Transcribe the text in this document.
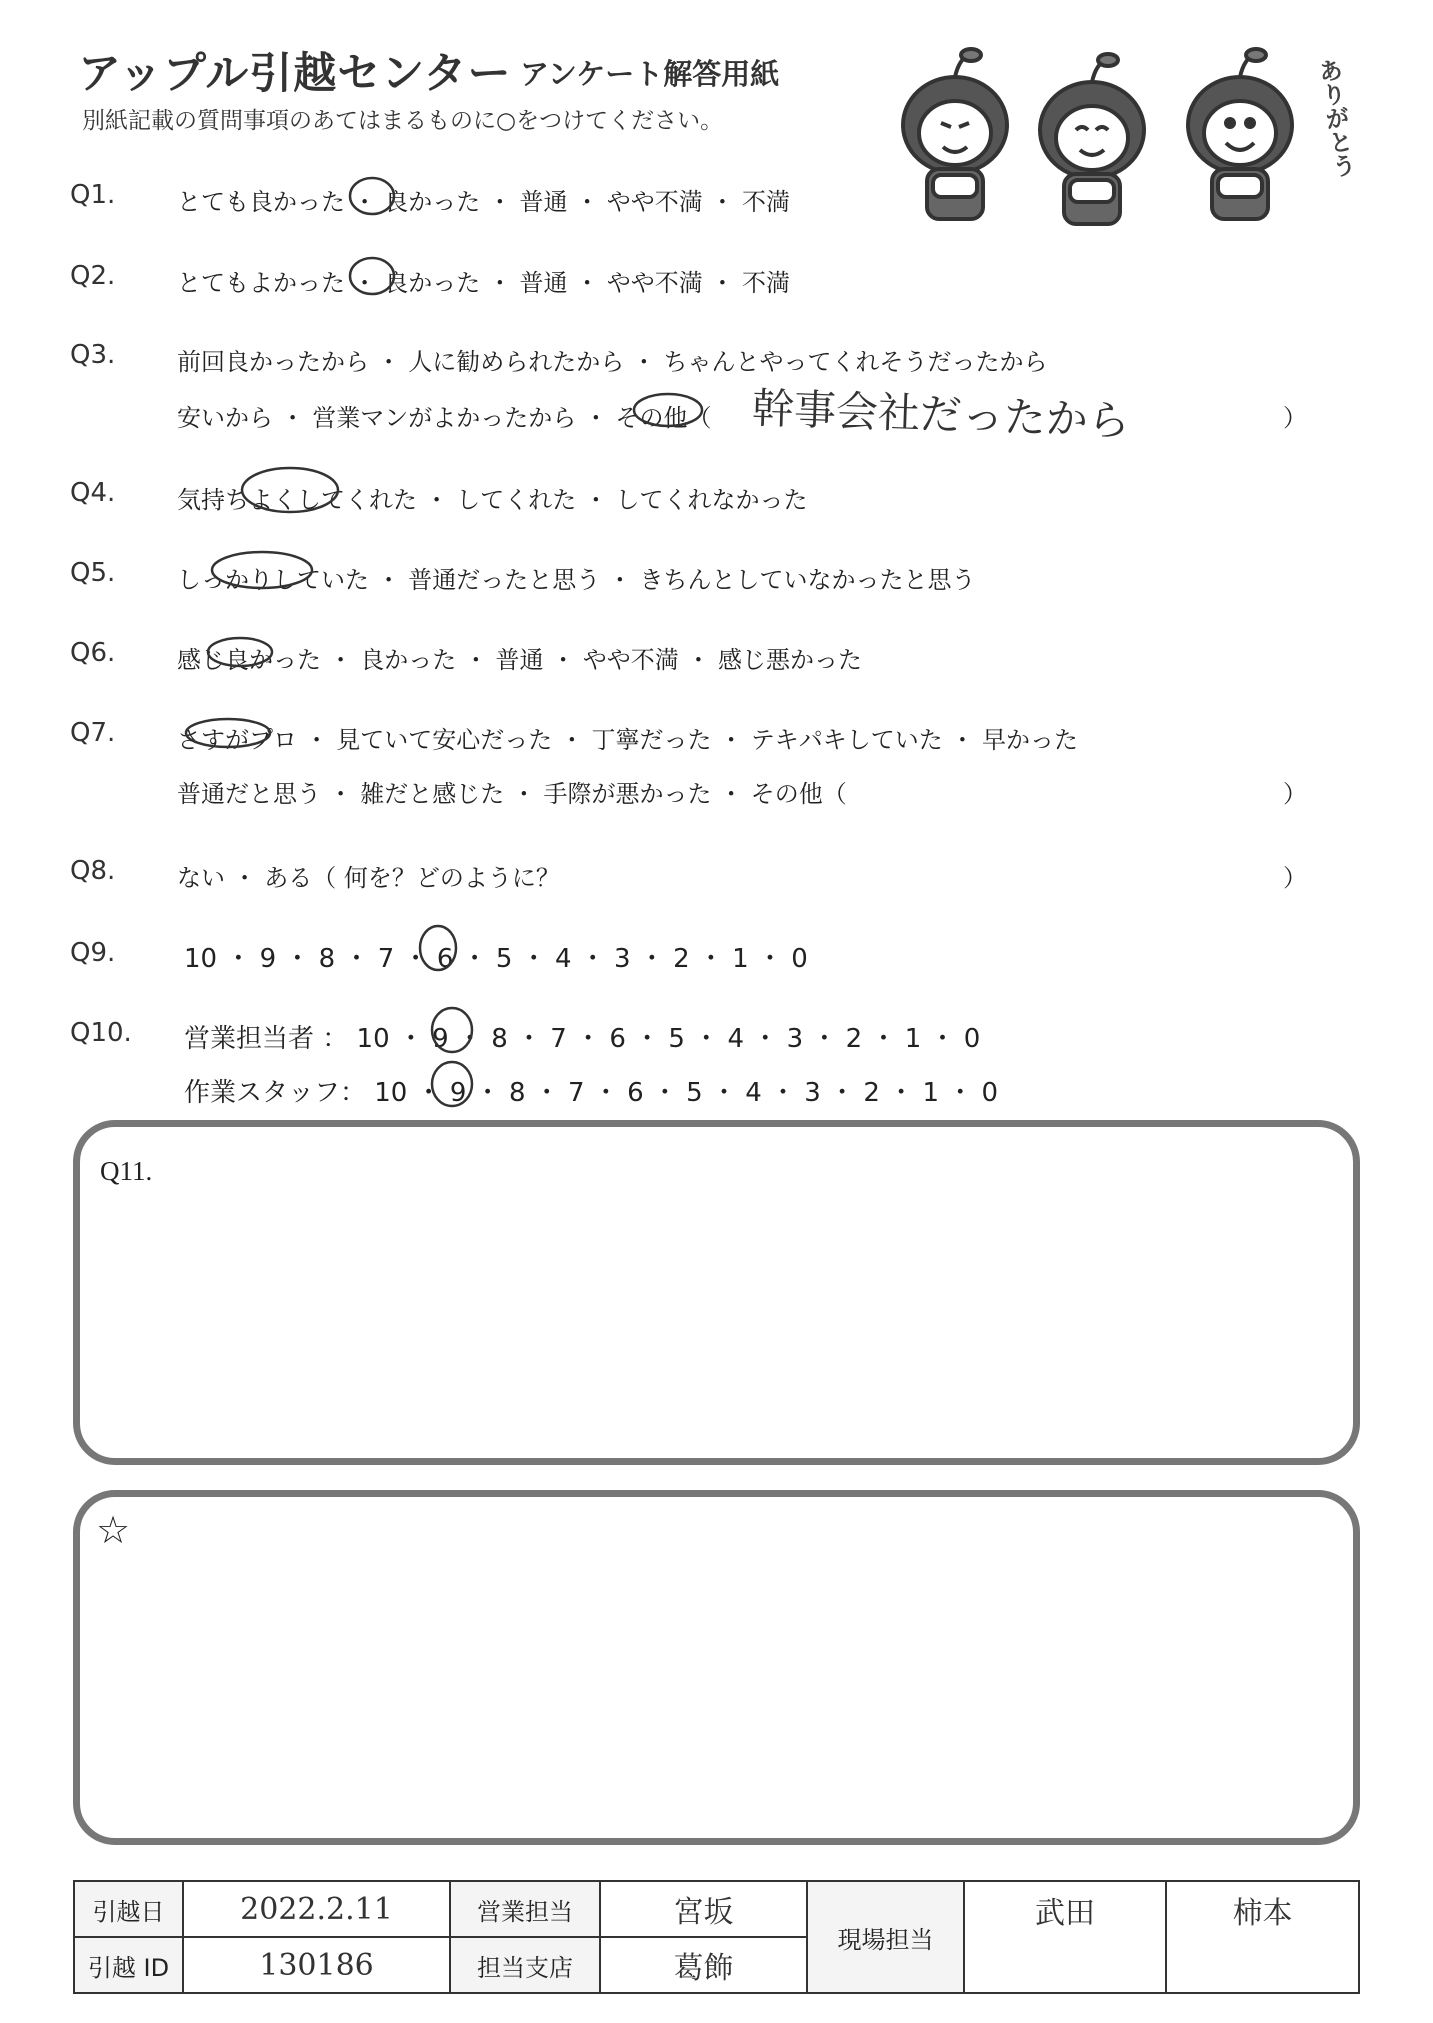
アップル引越センター アンケート解答用紙
別紙記載の質問事項のあてはまるものに○をつけてください。	ありがとう
Q1.	とても良かった ・ 良かった ・ 普通 ・ やや不満 ・ 不満
Q2.	とてもよかった ・ 良かった ・ 普通 ・ やや不満 ・ 不満
Q3.	前回良かったから ・ 人に勧められたから ・ ちゃんとやってくれそうだったから
安いから ・ 営業マンがよかったから ・ その他（ 幹事会社だったから	）
Q4.	気持ちよくしてくれた ・ してくれた ・ してくれなかった
Q5.	しっかりしていた ・ 普通だったと思う ・ きちんとしていなかったと思う
Q6.	感じ良かった ・ 良かった ・ 普通 ・ やや不満 ・ 感じ悪かった
Q7.	さすがプロ ・ 見ていて安心だった ・ 丁寧だった ・ テキパキしていた ・ 早かった
普通だと思う ・ 雑だと感じた ・ 手際が悪かった ・ その他（	）
Q8.	ない ・ ある（ 何を？どのように？	）
Q9.	10 ・ 9 ・ 8 ・ 7 ・ 6 ・ 5 ・ 4 ・ 3 ・ 2 ・ 1 ・ 0
Q10. 営業担当者 ： 10 ・ 9 ・ 8 ・ 7 ・ 6 ・ 5 ・ 4 ・ 3 ・ 2 ・ 1 ・ 0
作業スタッフ： 10 ・ 9 ・ 8 ・ 7 ・ 6 ・ 5 ・ 4 ・ 3 ・ 2 ・ 1 ・ 0
Q11.
☆
引越日	2022.2.11	営業担当	宮坂	現場担当	武田	柿本
引越 ID	130186	担当支店	葛飾			
